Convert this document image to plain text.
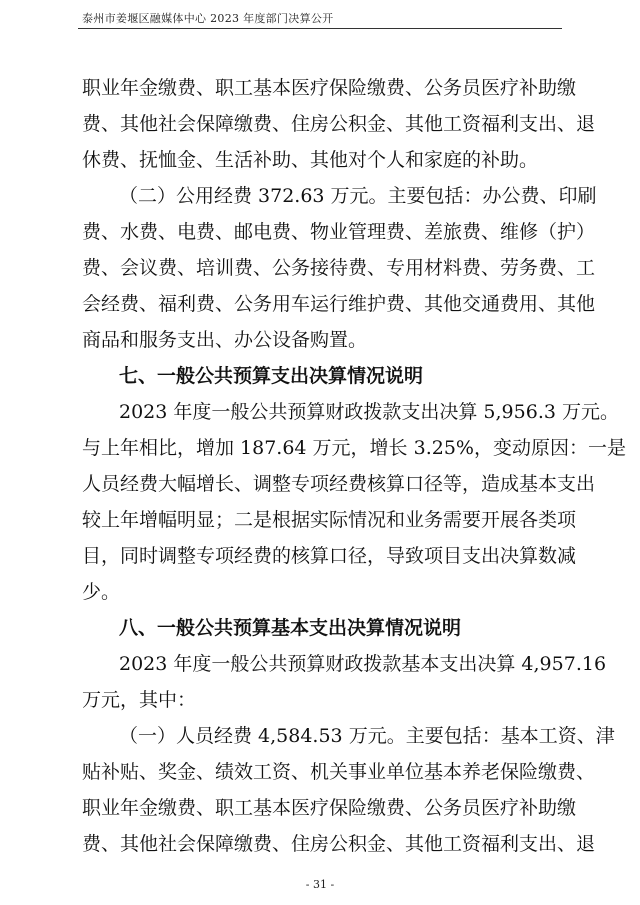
泰州市姜堰区融媒体中心 2023 年度部门决算公开
职业年金缴费、职工基本医疗保险缴费、公务员医疗补助缴
费、其他社会保障缴费、住房公积金、其他工资福利支出、退
休费、抚恤金、生活补助、其他对个人和家庭的补助。
（二）公用经费 372.63 万元。主要包括：办公费、印刷
费、水费、电费、邮电费、物业管理费、差旅费、维修（护）
费、会议费、培训费、公务接待费、专用材料费、劳务费、工
会经费、福利费、公务用车运行维护费、其他交通费用、其他
商品和服务支出、办公设备购置。
七、一般公共预算支出决算情况说明
2023 年度一般公共预算财政拨款支出决算 5,956.3 万元。
与上年相比，增加 187.64 万元，增长 3.25%，变动原因：一是
人员经费大幅增长、调整专项经费核算口径等，造成基本支出
较上年增幅明显；二是根据实际情况和业务需要开展各类项
目，同时调整专项经费的核算口径，导致项目支出决算数减
少。
八、一般公共预算基本支出决算情况说明
2023 年度一般公共预算财政拨款基本支出决算 4,957.16
万元，其中：
（一）人员经费 4,584.53 万元。主要包括：基本工资、津
贴补贴、奖金、绩效工资、机关事业单位基本养老保险缴费、
职业年金缴费、职工基本医疗保险缴费、公务员医疗补助缴
费、其他社会保障缴费、住房公积金、其他工资福利支出、退
- 31 -
